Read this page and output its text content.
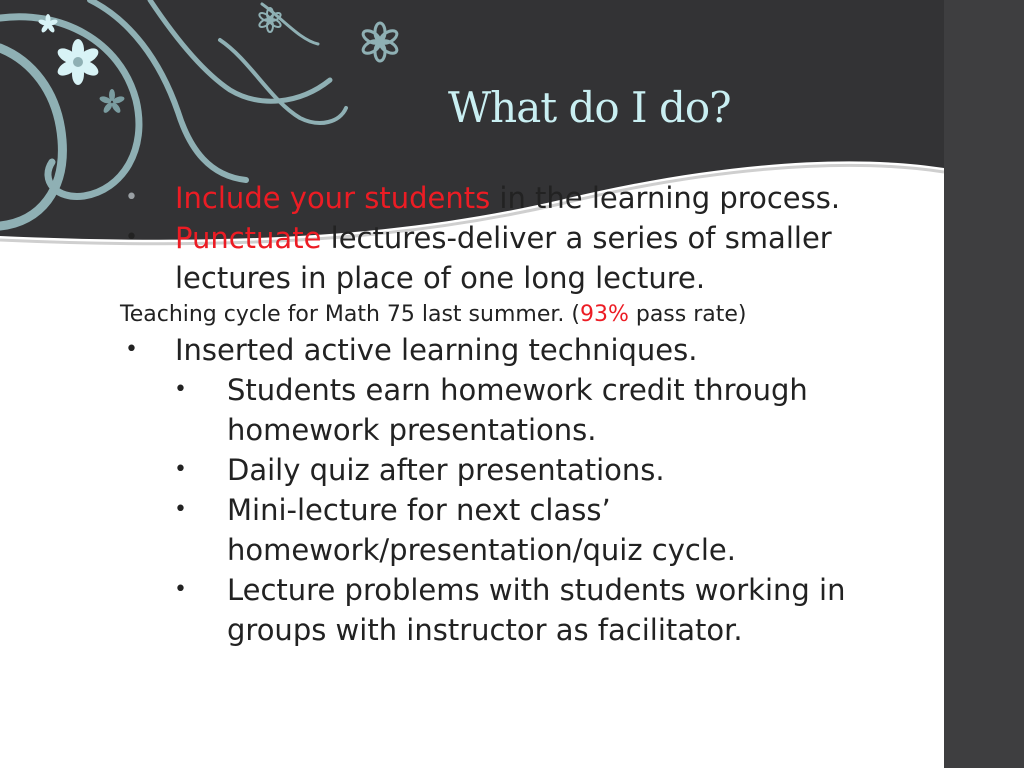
What do I do?
• Include your students in the learning process.
• Punctuate lectures-deliver a series of smaller lectures in place of one long lecture.

Teaching cycle for Math 75 last summer. (93% pass rate)

• Inserted active learning techniques.
• Students earn homework credit through homework presentations.
• Daily quiz after presentations.
• Mini-lecture for next class’ homework/presentation/quiz cycle.
• Lecture problems with students working in groups with instructor as facilitator.
